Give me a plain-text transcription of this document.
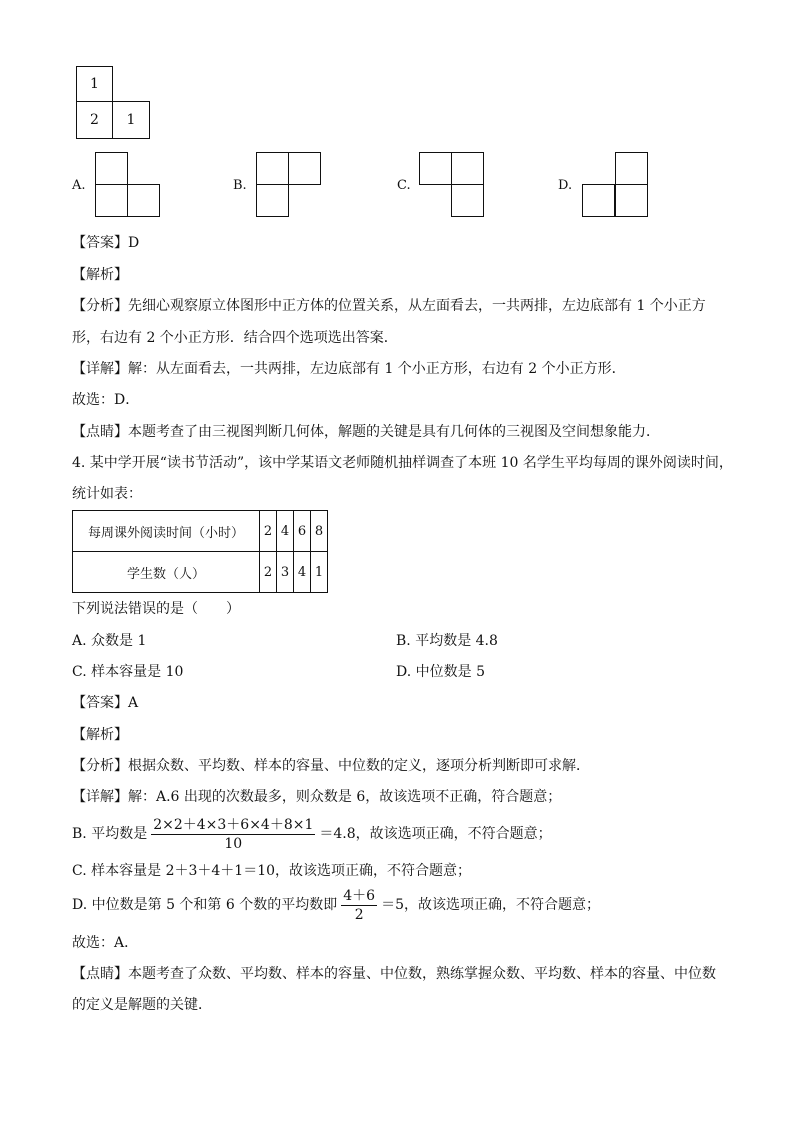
1
2 1
A.	B.	C.	D.
【答案】D
【解析】
【分析】先细心观察原立体图形中正方体的位置关系，从左面看去，一共两排，左边底部有 1 个小正方
形，右边有 2 个小正方形．结合四个选项选出答案．
【详解】解：从左面看去，一共两排，左边底部有 1 个小正方形，右边有 2 个小正方形．
故选：D．
【点睛】本题考查了由三视图判断几何体，解题的关键是具有几何体的三视图及空间想象能力．
4. 某中学开展“读书节活动”，该中学某语文老师随机抽样调查了本班 10 名学生平均每周的课外阅读时间，
统计如表：
每周课外阅读时间（小时）	2	4	6	8
学生数（人）	2	3	4	1
下列说法错误的是（　　）
A. 众数是 1	B. 平均数是 4.8
C. 样本容量是 10	D. 中位数是 5
【答案】A
【解析】
【分析】根据众数、平均数、样本的容量、中位数的定义，逐项分析判断即可求解．
【详解】解：A.6 出现的次数最多，则众数是 6，故该选项不正确，符合题意；
B. 平均数是 $\frac{2\times 2+4\times 3+6\times 4+8\times 1}{10} =4.8$，故该选项正确，不符合题意；
C. 样本容量是 2＋3＋4＋1＝10，故该选项正确，不符合题意；
D. 中位数是第 5 个和第 6 个数的平均数即 $\frac{4+6}{2} =5$，故该选项正确，不符合题意；
故选：A．
【点睛】本题考查了众数、平均数、样本的容量、中位数，熟练掌握众数、平均数、样本的容量、中位数
的定义是解题的关键．
